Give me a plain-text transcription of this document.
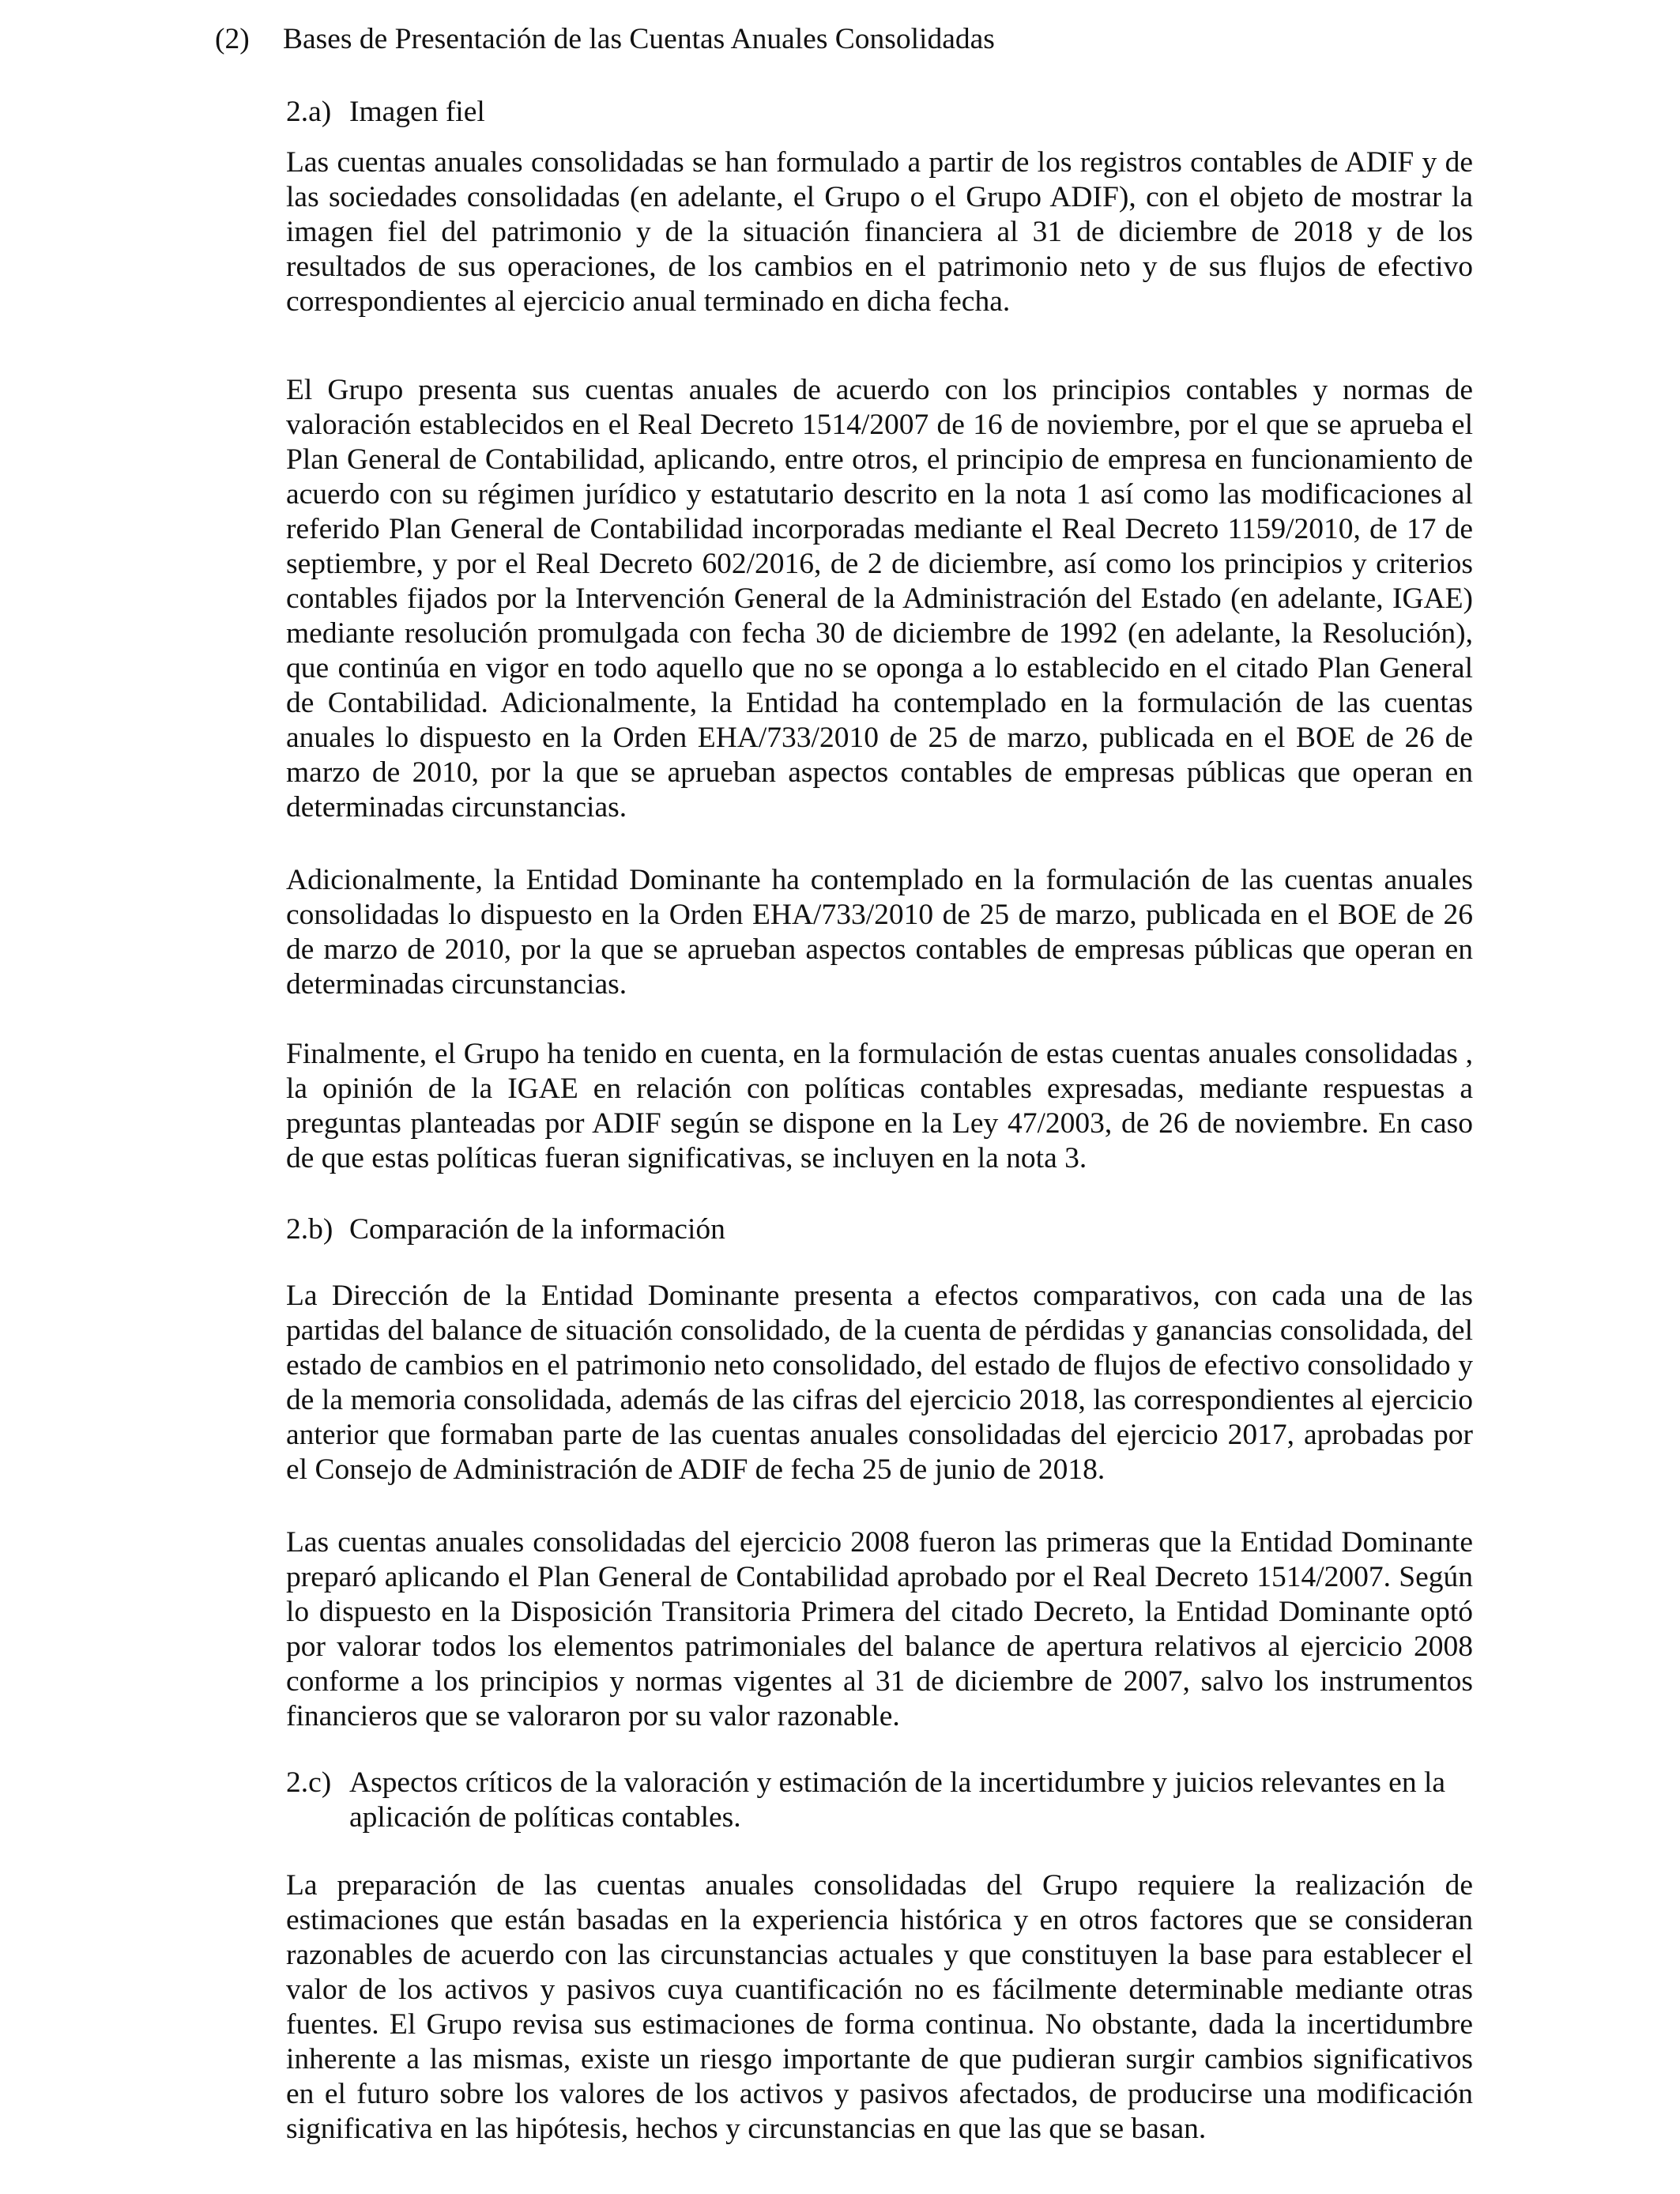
(2) Bases de Presentación de las Cuentas Anuales Consolidadas
2.a) Imagen fiel

Las cuentas anuales consolidadas se han formulado a partir de los registros contables de ADIF y de las sociedades consolidadas (en adelante, el Grupo o el Grupo ADIF), con el objeto de mostrar la imagen fiel del patrimonio y de la situación financiera al 31 de diciembre de 2018 y de los resultados de sus operaciones, de los cambios en el patrimonio neto y de sus flujos de efectivo correspondientes al ejercicio anual terminado en dicha fecha.

El Grupo presenta sus cuentas anuales de acuerdo con los principios contables y normas de valoración establecidos en el Real Decreto 1514/2007 de 16 de noviembre, por el que se aprueba el Plan General de Contabilidad, aplicando, entre otros, el principio de empresa en funcionamiento de acuerdo con su régimen jurídico y estatutario descrito en la nota 1 así como las modificaciones al referido Plan General de Contabilidad incorporadas mediante el Real Decreto 1159/2010, de 17 de septiembre, y por el Real Decreto 602/2016, de 2 de diciembre, así como los principios y criterios contables fijados por la Intervención General de la Administración del Estado (en adelante, IGAE) mediante resolución promulgada con fecha 30 de diciembre de 1992 (en adelante, la Resolución), que continúa en vigor en todo aquello que no se oponga a lo establecido en el citado Plan General de Contabilidad. Adicionalmente, la Entidad ha contemplado en la formulación de las cuentas anuales lo dispuesto en la Orden EHA/733/2010 de 25 de marzo, publicada en el BOE de 26 de marzo de 2010, por la que se aprueban aspectos contables de empresas públicas que operan en determinadas circunstancias.

Adicionalmente, la Entidad Dominante ha contemplado en la formulación de las cuentas anuales consolidadas lo dispuesto en la Orden EHA/733/2010 de 25 de marzo, publicada en el BOE de 26 de marzo de 2010, por la que se aprueban aspectos contables de empresas públicas que operan en determinadas circunstancias.

Finalmente, el Grupo ha tenido en cuenta, en la formulación de estas cuentas anuales consolidadas , la opinión de la IGAE en relación con políticas contables expresadas, mediante respuestas a preguntas planteadas por ADIF según se dispone en la Ley 47/2003, de 26 de noviembre. En caso de que estas políticas fueran significativas, se incluyen en la nota 3.

2.b) Comparación de la información

La Dirección de la Entidad Dominante presenta a efectos comparativos, con cada una de las partidas del balance de situación consolidado, de la cuenta de pérdidas y ganancias consolidada, del estado de cambios en el patrimonio neto consolidado, del estado de flujos de efectivo consolidado y de la memoria consolidada, además de las cifras del ejercicio 2018, las correspondientes al ejercicio anterior que formaban parte de las cuentas anuales consolidadas del ejercicio 2017, aprobadas por el Consejo de Administración de ADIF de fecha 25 de junio de 2018.

Las cuentas anuales consolidadas del ejercicio 2008 fueron las primeras que la Entidad Dominante preparó aplicando el Plan General de Contabilidad aprobado por el Real Decreto 1514/2007. Según lo dispuesto en la Disposición Transitoria Primera del citado Decreto, la Entidad Dominante optó por valorar todos los elementos patrimoniales del balance de apertura relativos al ejercicio 2008 conforme a los principios y normas vigentes al 31 de diciembre de 2007, salvo los instrumentos financieros que se valoraron por su valor razonable.

2.c) Aspectos críticos de la valoración y estimación de la incertidumbre y juicios relevantes en la aplicación de políticas contables.

La preparación de las cuentas anuales consolidadas del Grupo requiere la realización de estimaciones que están basadas en la experiencia histórica y en otros factores que se consideran razonables de acuerdo con las circunstancias actuales y que constituyen la base para establecer el valor de los activos y pasivos cuya cuantificación no es fácilmente determinable mediante otras fuentes. El Grupo revisa sus estimaciones de forma continua. No obstante, dada la incertidumbre inherente a las mismas, existe un riesgo importante de que pudieran surgir cambios significativos en el futuro sobre los valores de los activos y pasivos afectados, de producirse una modificación significativa en las hipótesis, hechos y circunstancias en que las que se basan.
